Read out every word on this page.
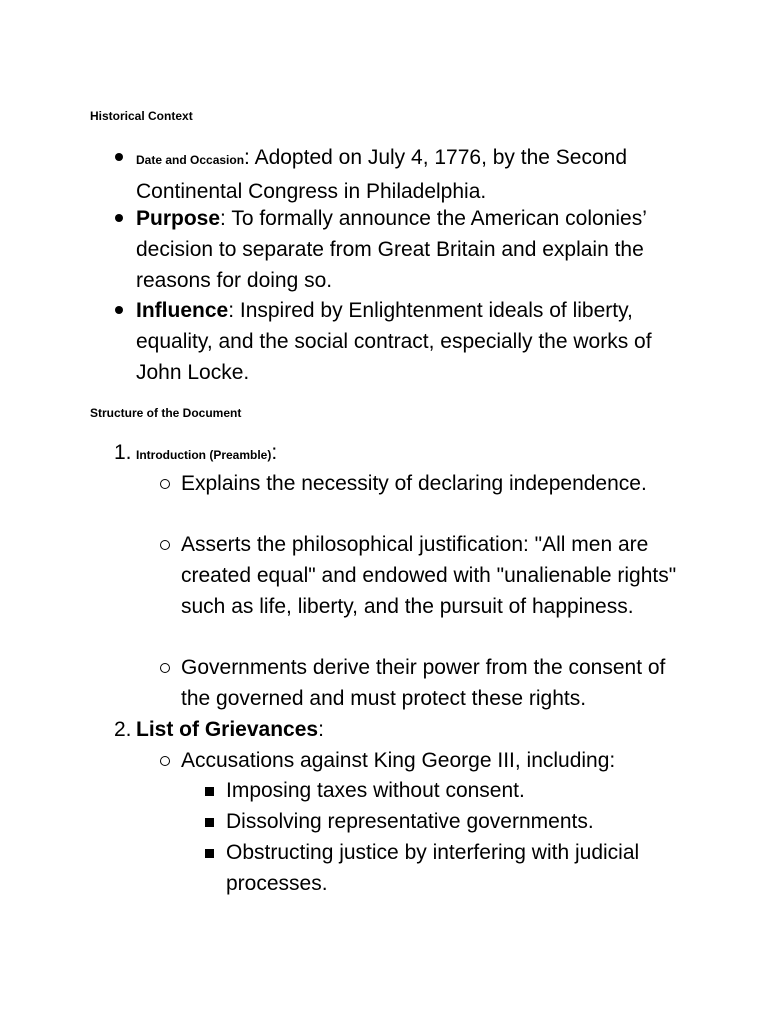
Historical Context

Date and Occasion: Adopted on July 4, 1776, by the Second Continental Congress in Philadelphia.
Purpose: To formally announce the American colonies’ decision to separate from Great Britain and explain the reasons for doing so.
Influence: Inspired by Enlightenment ideals of liberty, equality, and the social contract, especially the works of John Locke.

Structure of the Document

1. Introduction (Preamble):
Explains the necessity of declaring independence.
Asserts the philosophical justification: "All men are created equal" and endowed with "unalienable rights" such as life, liberty, and the pursuit of happiness.
Governments derive their power from the consent of the governed and must protect these rights.
2. List of Grievances:
Accusations against King George III, including:
Imposing taxes without consent.
Dissolving representative governments.
Obstructing justice by interfering with judicial processes.
